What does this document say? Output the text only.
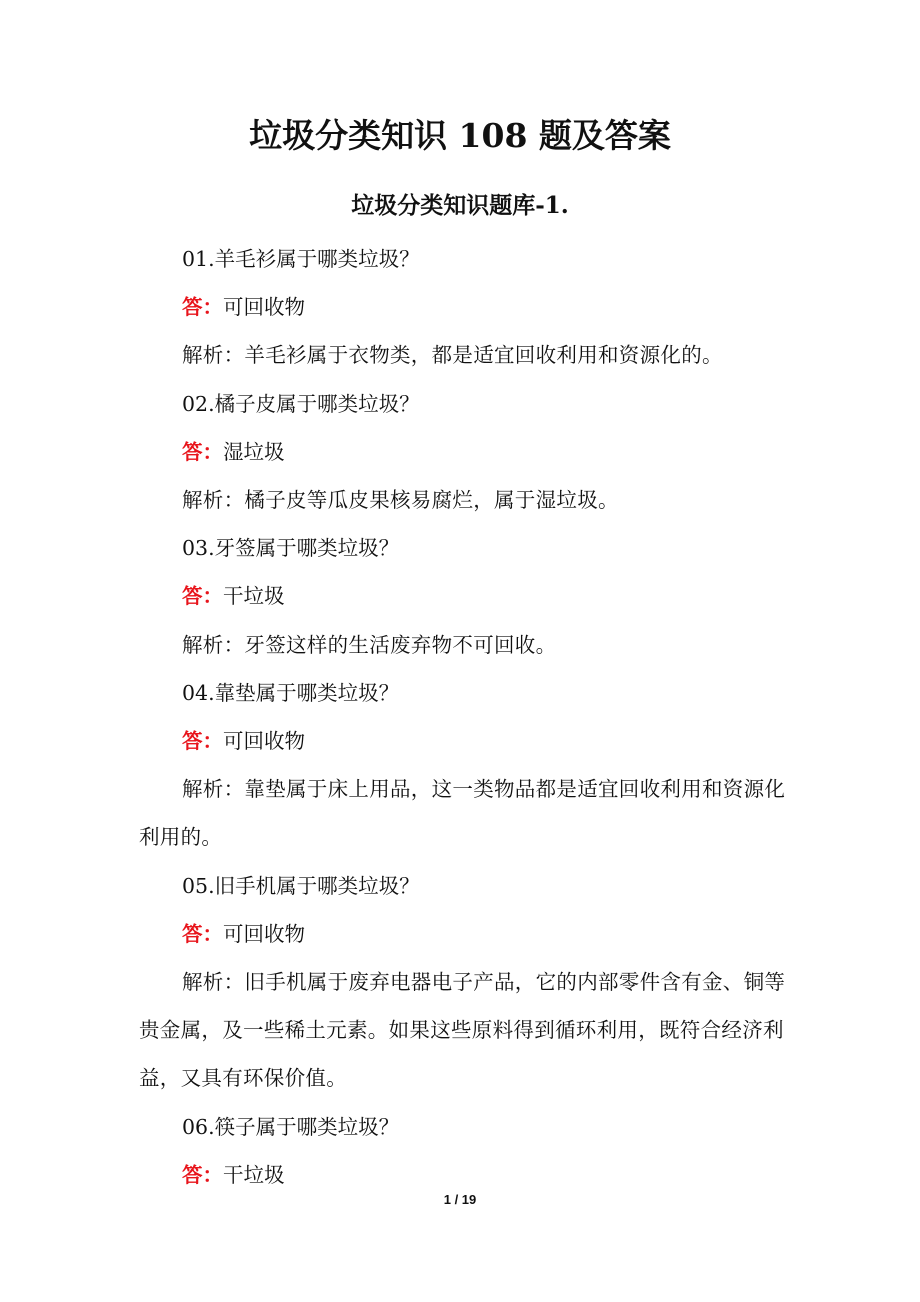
垃圾分类知识 108 题及答案
垃圾分类知识题库-1.

01.羊毛衫属于哪类垃圾？

答：可回收物

解析：羊毛衫属于衣物类，都是适宜回收利用和资源化的。

02.橘子皮属于哪类垃圾？

答：湿垃圾

解析：橘子皮等瓜皮果核易腐烂，属于湿垃圾。

03.牙签属于哪类垃圾？

答：干垃圾

解析：牙签这样的生活废弃物不可回收。

04.靠垫属于哪类垃圾？

答：可回收物

解析：靠垫属于床上用品，这一类物品都是适宜回收利用和资源化利用的。

05.旧手机属于哪类垃圾？

答：可回收物

解析：旧手机属于废弃电器电子产品，它的内部零件含有金、铜等贵金属，及一些稀土元素。如果这些原料得到循环利用，既符合经济利益，又具有环保价值。

06.筷子属于哪类垃圾？

答：干垃圾

1 / 19
